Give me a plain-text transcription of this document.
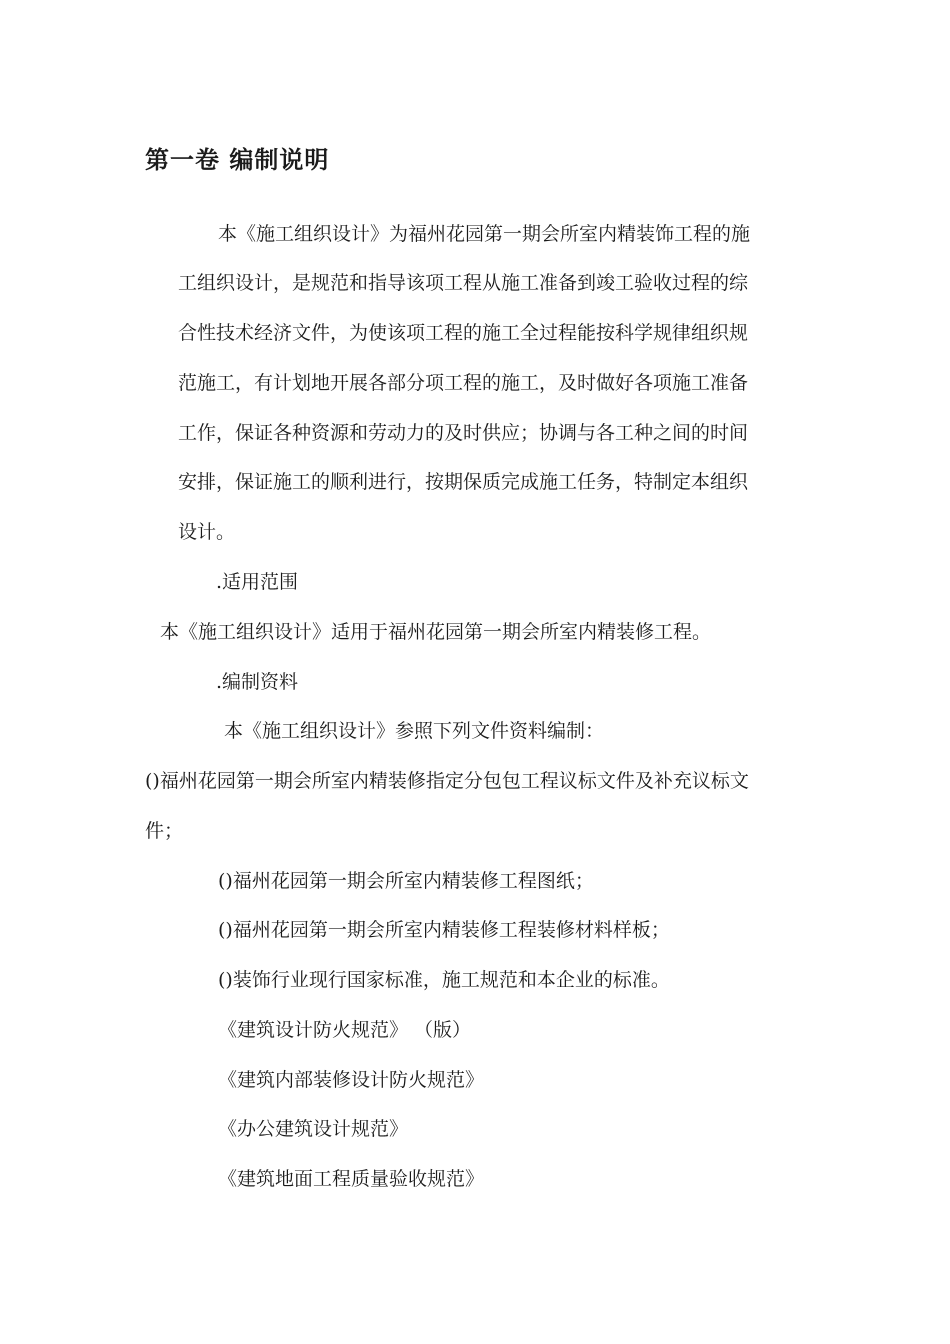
第一卷 编制说明

本《施工组织设计》为福州花园第一期会所室内精装饰工程的施

工组织设计，是规范和指导该项工程从施工准备到竣工验收过程的综

合性技术经济文件，为使该项工程的施工全过程能按科学规律组织规

范施工，有计划地开展各部分项工程的施工，及时做好各项施工准备

工作，保证各种资源和劳动力的及时供应；协调与各工种之间的时间

安排，保证施工的顺利进行，按期保质完成施工任务，特制定本组织

设计。

.适用范围

本《施工组织设计》适用于福州花园第一期会所室内精装修工程。

.编制资料

本《施工组织设计》参照下列文件资料编制：

()福州花园第一期会所室内精装修指定分包包工程议标文件及补充议标文

件；

()福州花园第一期会所室内精装修工程图纸；

()福州花园第一期会所室内精装修工程装修材料样板；

()装饰行业现行国家标准，施工规范和本企业的标准。

《建筑设计防火规范》 （版）

《建筑内部装修设计防火规范》

《办公建筑设计规范》

《建筑地面工程质量验收规范》
